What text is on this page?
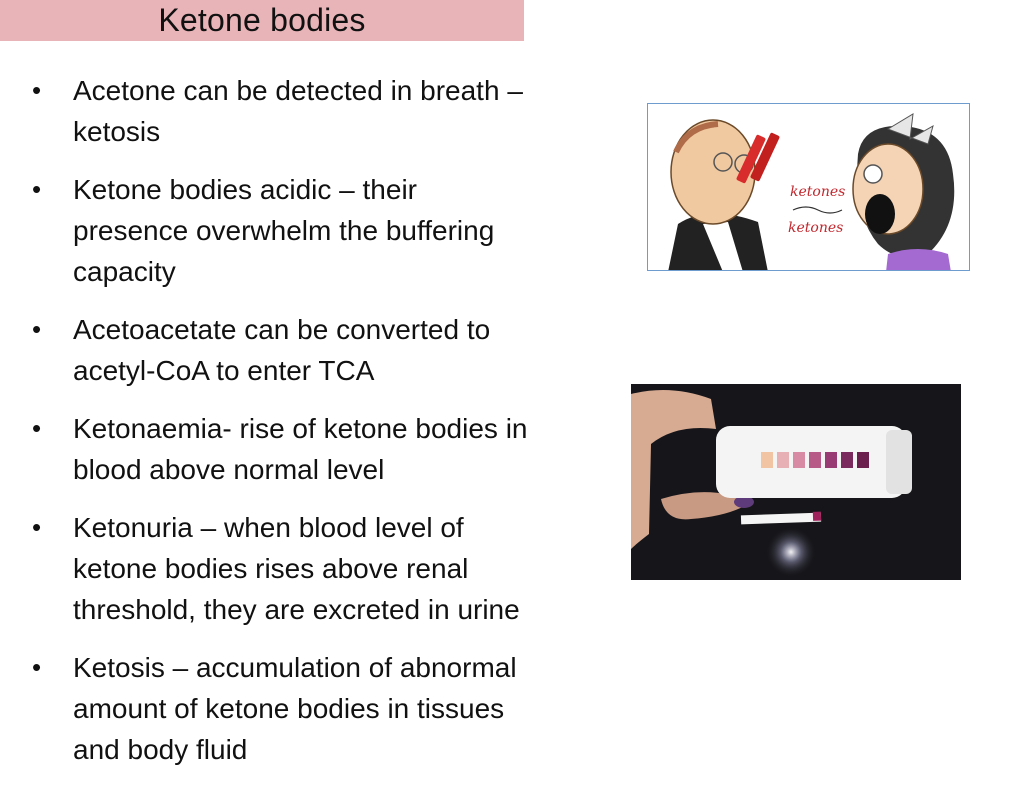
Ketone bodies
• Acetone can be detected in breath –
ketosis
• Ketone bodies acidic – their
presence overwhelm the buffering
capacity
• Acetoacetate can be converted to
acetyl-CoA to enter TCA
• Ketonaemia- rise of ketone bodies in
blood above normal level
• Ketonuria – when blood level of
ketone bodies rises above renal
threshold, they are excreted in urine
• Ketosis – accumulation of abnormal
amount of ketone bodies in tissues
and body fluid
ketones
ketones
